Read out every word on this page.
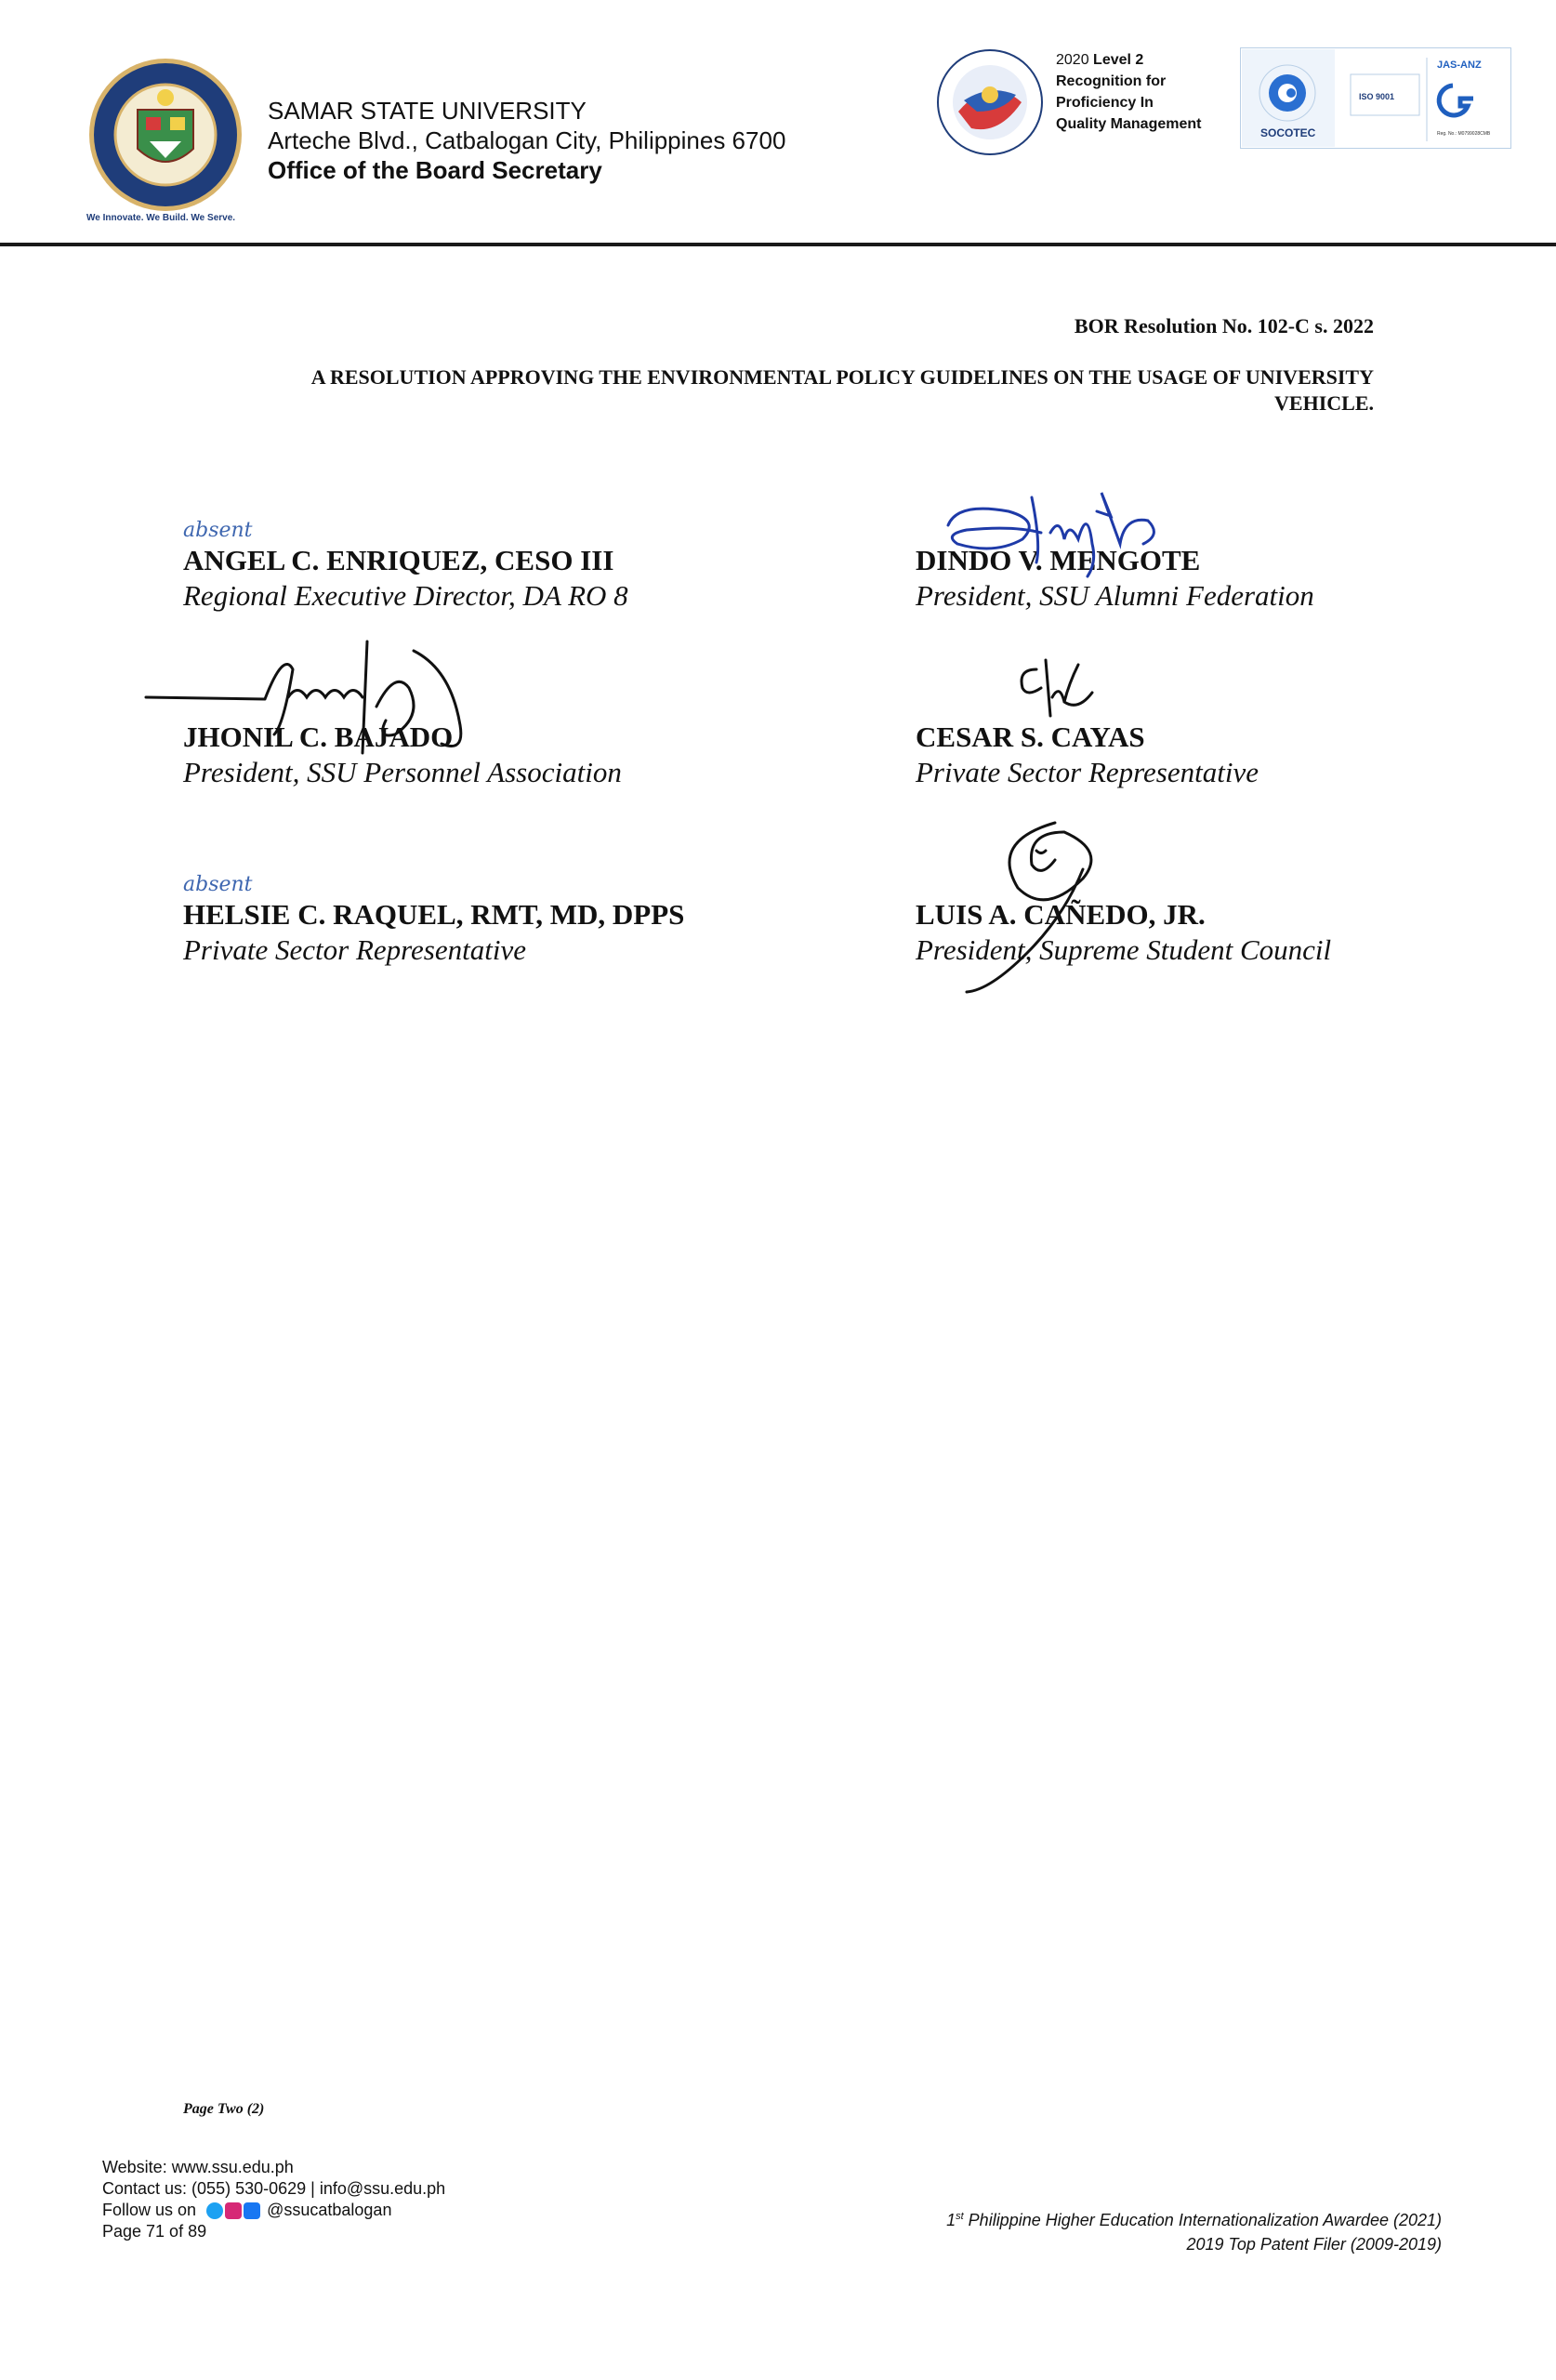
We Innovate. We Build. We Serve.
SAMAR STATE UNIVERSITY
Arteche Blvd., Catbalogan City, Philippines 6700
Office of the Board Secretary
2020 Level 2
Recognition for
Proficiency In
Quality Management
ISO 9001
SOCOTEC
JAS-ANZ
Reg. No.: M0799028CMB
BOR Resolution No. 102-C s. 2022
A RESOLUTION APPROVING THE ENVIRONMENTAL POLICY GUIDELINES ON THE USAGE OF UNIVERSITY VEHICLE.
absent
ANGEL C. ENRIQUEZ, CESO III
Regional Executive Director, DA RO 8
DINDO V. MENGOTE
President, SSU Alumni Federation
JHONIL C. BAJADO
President, SSU Personnel Association
CESAR S. CAYAS
Private Sector Representative
absent
HELSIE C. RAQUEL, RMT, MD, DPPS
Private Sector Representative
LUIS A. CAÑEDO, JR.
President, Supreme Student Council
Page Two (2)
Website: www.ssu.edu.ph
Contact us: (055) 530-0629 | info@ssu.edu.ph
Follow us on	@ssucatbalogan
Page 71 of 89
1st Philippine Higher Education Internationalization Awardee (2021)
2019 Top Patent Filer (2009-2019)
